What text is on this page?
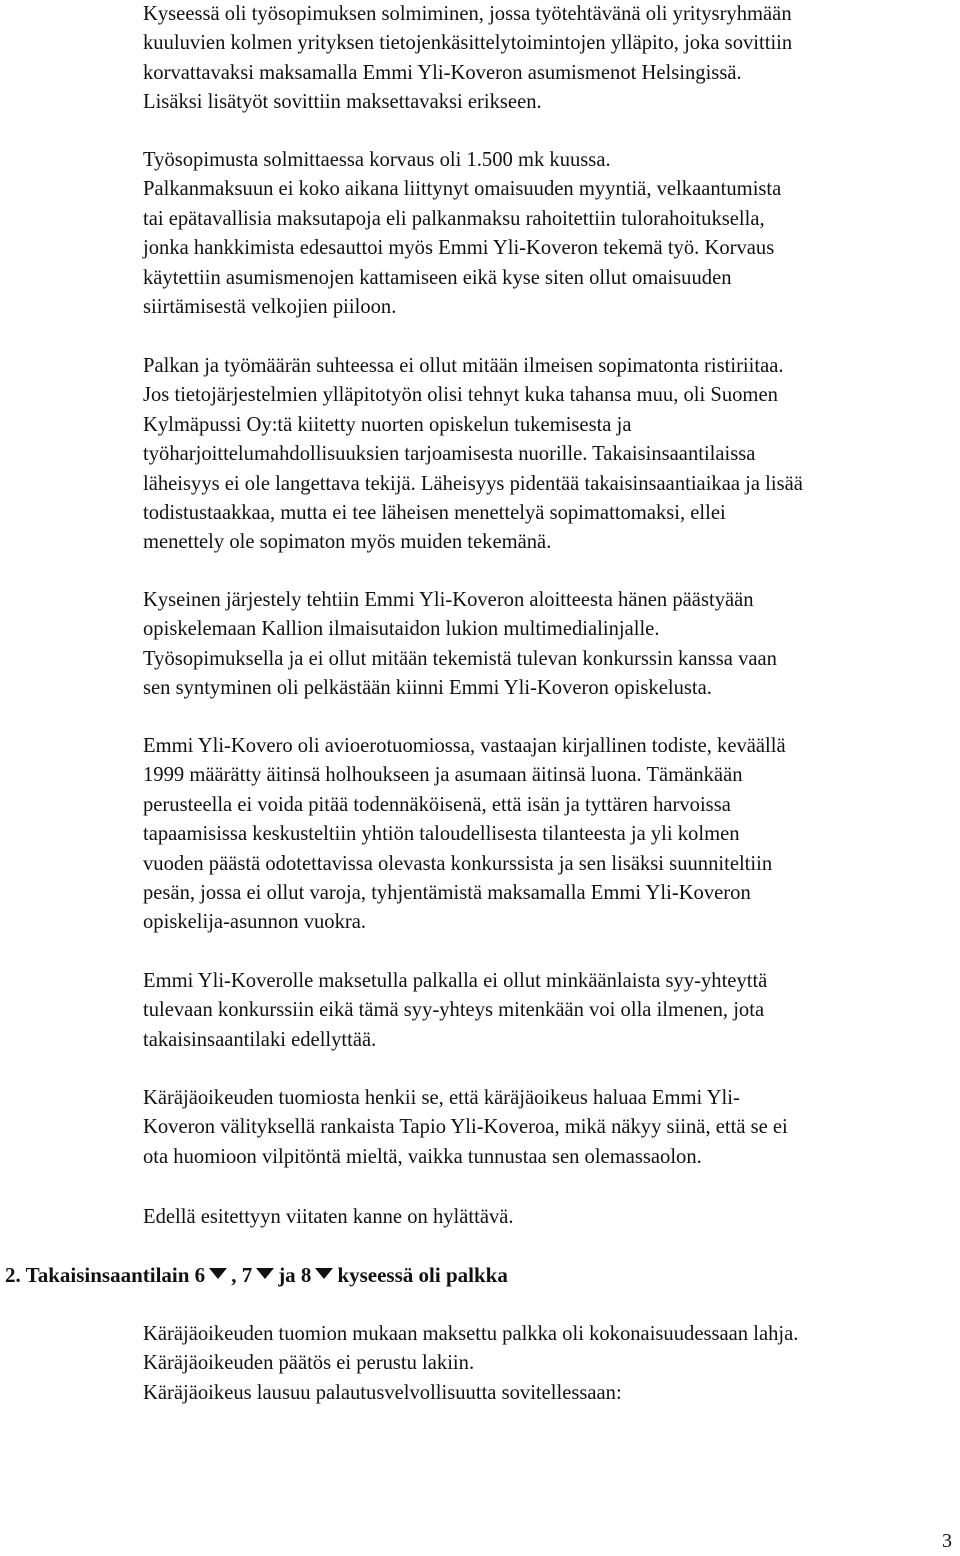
Kyseessä oli työsopimuksen solmiminen, jossa työtehtävänä oli yritysryhmään
kuuluvien kolmen yrityksen tietojenkäsittelytoimintojen ylläpito, joka sovittiin
korvattavaksi maksamalla Emmi Yli-Koveron asumismenot Helsingissä.
Lisäksi lisätyöt sovittiin maksettavaksi erikseen.
Työsopimusta solmittaessa korvaus oli 1.500 mk kuussa.
Palkanmaksuun ei koko aikana liittynyt omaisuuden myyntiä, velkaantumista
tai epätavallisia maksutapoja eli palkanmaksu rahoitettiin tulorahoituksella,
jonka hankkimista edesauttoi myös Emmi Yli-Koveron tekemä työ. Korvaus
käytettiin asumismenojen kattamiseen eikä kyse siten ollut omaisuuden
siirtämisestä velkojien piiloon.
Palkan ja työmäärän suhteessa ei ollut mitään ilmeisen sopimatonta ristiriitaa.
Jos tietojärjestelmien ylläpitotyön olisi tehnyt kuka tahansa muu, oli Suomen
Kylmäpussi Oy:tä kiitetty nuorten opiskelun tukemisesta ja
työharjoittelumahdollisuuksien tarjoamisesta nuorille. Takaisinsaantilaissa
läheisyys ei ole langettava tekijä. Läheisyys pidentää takaisinsaantiaikaa ja lisää
todistustaakkaa, mutta ei tee läheisen menettelyä sopimattomaksi, ellei
menettely ole sopimaton myös muiden tekemänä.
Kyseinen järjestely tehtiin Emmi Yli-Koveron aloitteesta hänen päästyään
opiskelemaan Kallion ilmaisutaidon lukion multimedialinjalle.
Työsopimuksella ja ei ollut mitään tekemistä tulevan konkurssin kanssa vaan
sen syntyminen oli pelkästään kiinni Emmi Yli-Koveron opiskelusta.
Emmi Yli-Kovero oli avioerotuomiossa, vastaajan kirjallinen todiste, keväällä
1999 määrätty äitinsä holhoukseen ja asumaan äitinsä luona. Tämänkään
perusteella ei voida pitää todennäköisenä, että isän ja tyttären harvoissa
tapaamisissa keskusteltiin yhtiön taloudellisesta tilanteesta ja yli kolmen
vuoden päästä odotettavissa olevasta konkurssista ja sen lisäksi suunniteltiin
pesän, jossa ei ollut varoja, tyhjentämistä maksamalla Emmi Yli-Koveron
opiskelija-asunnon vuokra.
Emmi Yli-Koverolle maksetulla palkalla ei ollut minkäänlaista syy-yhteyttä
tulevaan konkurssiin eikä tämä syy-yhteys mitenkään voi olla ilmenen, jota
takaisinsaantilaki edellyttää.
Käräjäoikeuden tuomiosta henkii se, että käräjäoikeus haluaa Emmi Yli-
Koveron välityksellä rankaista Tapio Yli-Koveroa, mikä näkyy siinä, että se ei
ota huomioon vilpitöntä mieltä, vaikka tunnustaa sen olemassaolon.
Edellä esitettyyn viitaten kanne on hylättävä.
2. Takaisinsaantilain 6 , 7 ja 8 kyseessä oli palkka
Käräjäoikeuden tuomion mukaan maksettu palkka oli kokonaisuudessaan lahja.
Käräjäoikeuden päätös ei perustu lakiin.
Käräjäoikeus lausuu palautusvelvollisuutta sovitellessaan:
3
